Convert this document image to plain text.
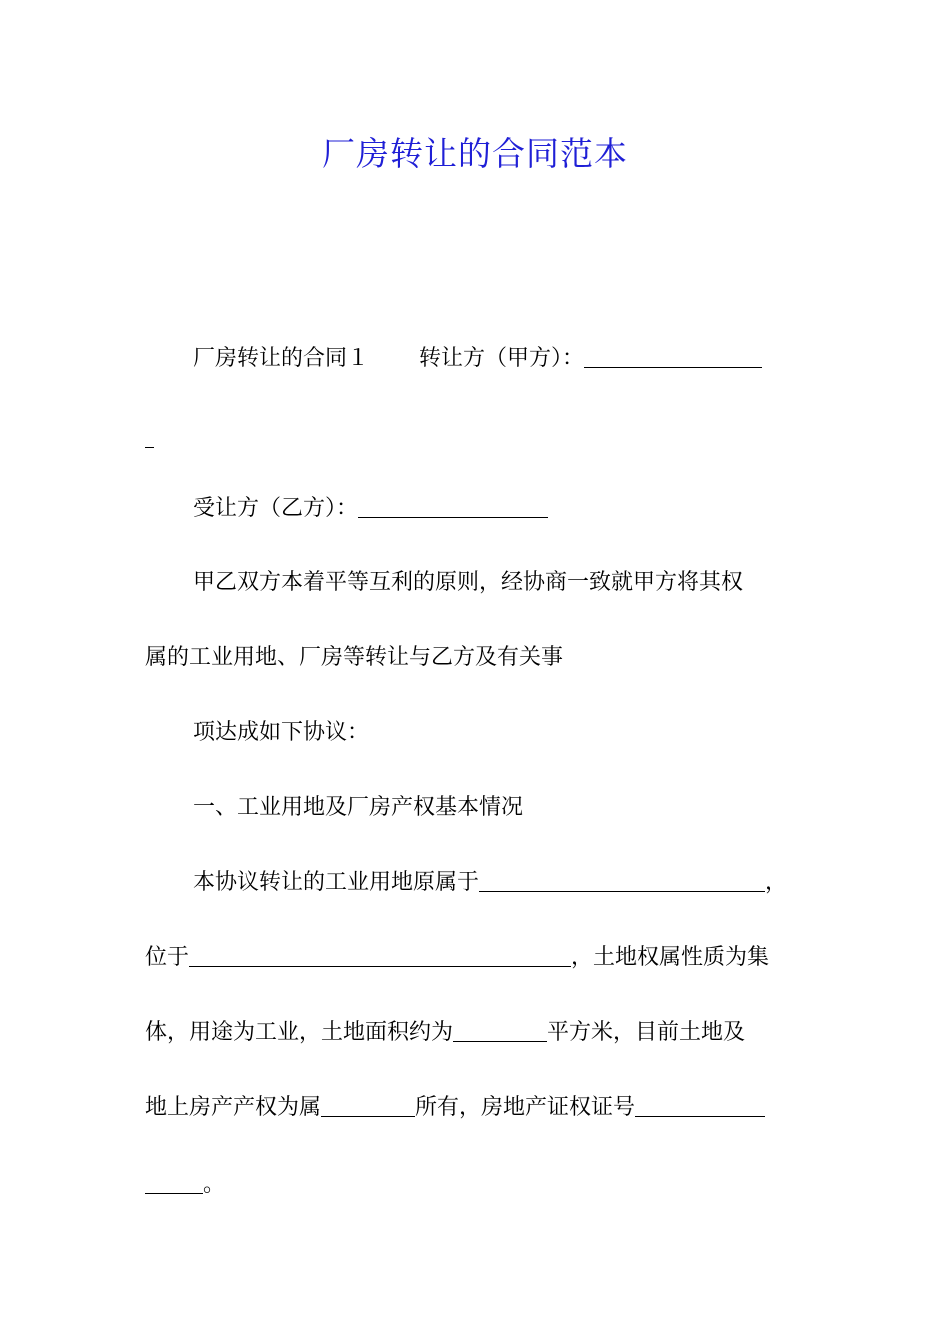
厂房转让的合同范本
厂房转让的合同１ 转让方（甲方）：
受让方（乙方）：
甲乙双方本着平等互利的原则，经协商一致就甲方将其权
属的工业用地、厂房等转让与乙方及有关事
项达成如下协议：
一、工业用地及厂房产权基本情况
本协议转让的工业用地原属于	，
位于	，土地权属性质为集
体，用途为工业，土地面积约为	平方米，目前土地及
地上房产产权为属	所有，房地产证权证号
。
